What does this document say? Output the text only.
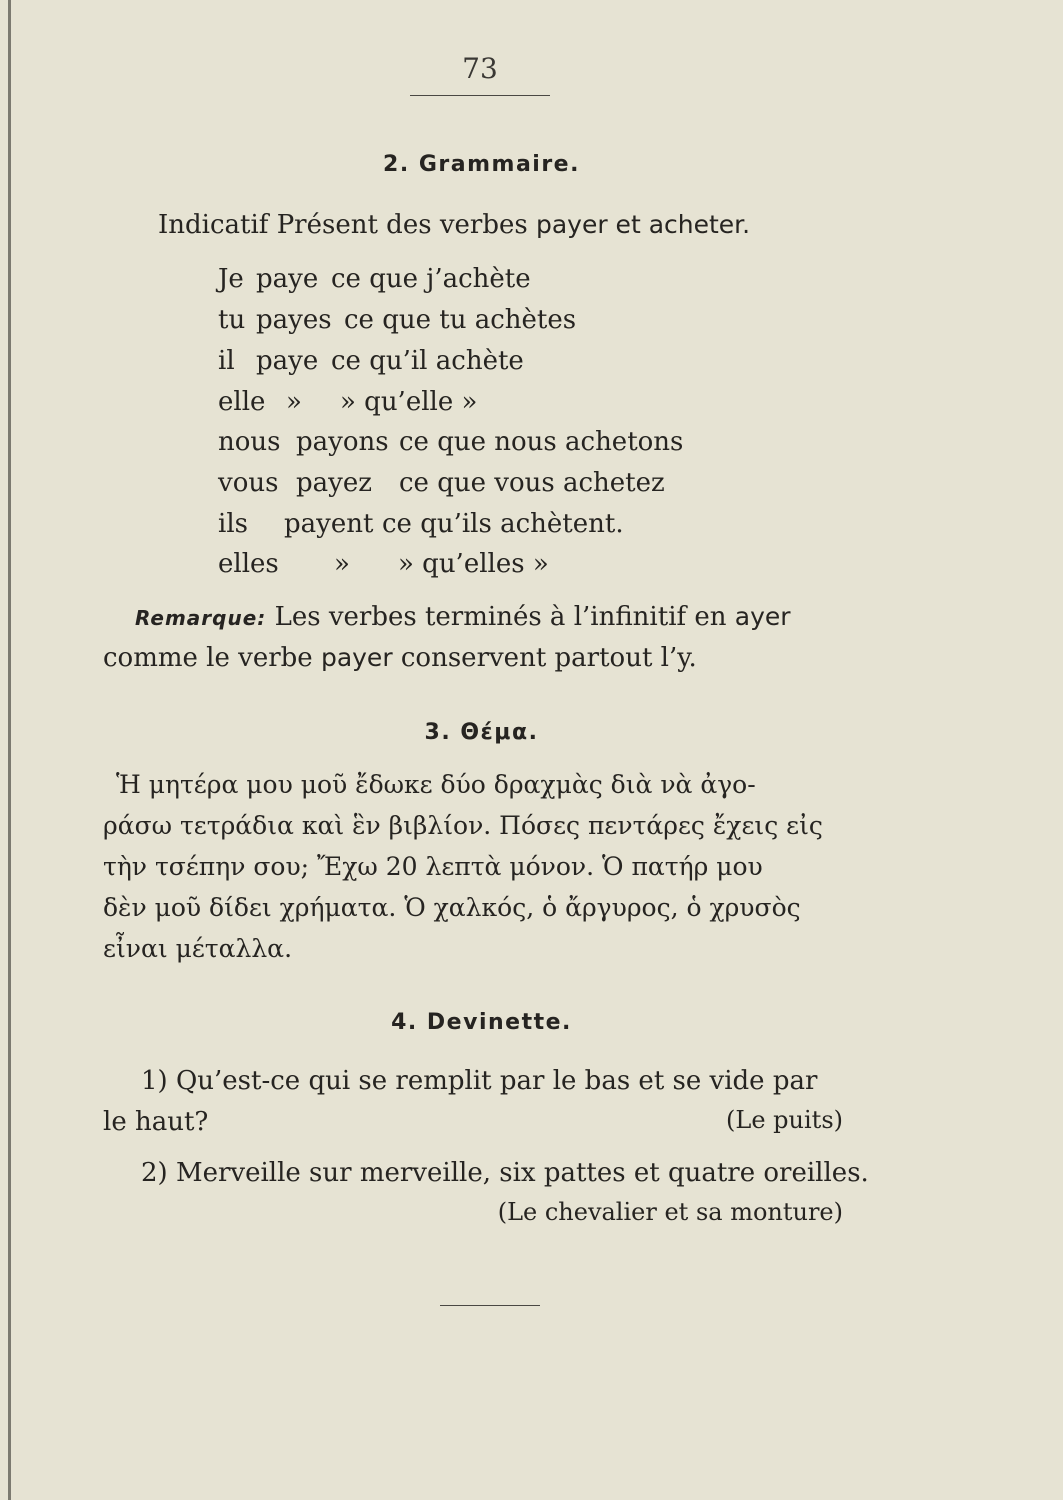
73
2. Grammaire.
Indicatif Présent des verbes payer et acheter.
Je paye ce que j’achète
tu payes ce que tu achètes
il paye ce qu’il achète
elle » » qu’elle »
nous payons ce que nous achetons
vous payez ce que vous achetez
ils payent ce qu’ils achètent.
elles » » qu’elles »
Remarque: Les verbes terminés à l’infinitif en ayer
comme le verbe payer conservent partout l’y.
3. Θέμα.
Ἡ μητέρα μου μοῦ ἔδωκε δύο δραχμὰς διὰ νὰ ἀγο-
ράσω τετράδια καὶ ἓν βιβλίον. Πόσες πεντάρες ἔχεις εἰς
τὴν τσέπην σου; Ἔχω 20 λεπτὰ μόνον. Ὁ πατήρ μου
δὲν μοῦ δίδει χρήματα. Ὁ χαλκός, ὁ ἄργυρος, ὁ χρυσὸς
εἶναι μέταλλα.
4. Devinette.
1) Qu’est-ce qui se remplit par le bas et se vide par
le haut?	(Le puits)
2) Merveille sur merveille, six pattes et quatre oreilles.
(Le chevalier et sa monture)
